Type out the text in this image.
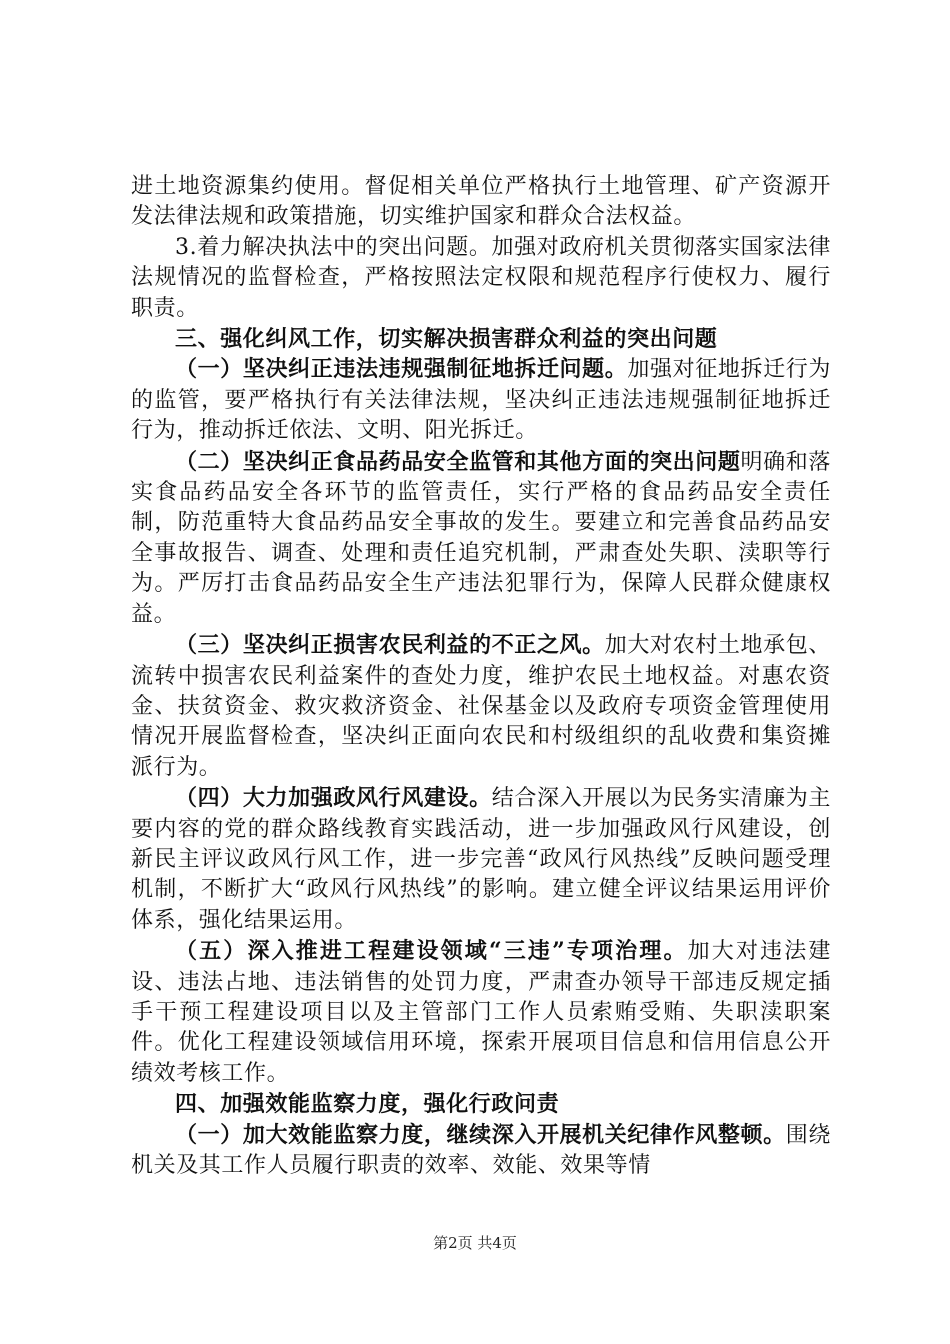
进土地资源集约使用。督促相关单位严格执行土地管理、矿产资源开发法律法规和政策措施，切实维护国家和群众合法权益。

3.着力解决执法中的突出问题。加强对政府机关贯彻落实国家法律法规情况的监督检查，严格按照法定权限和规范程序行使权力、履行职责。

三、强化纠风工作，切实解决损害群众利益的突出问题

（一）坚决纠正违法违规强制征地拆迁问题。加强对征地拆迁行为的监管，要严格执行有关法律法规，坚决纠正违法违规强制征地拆迁行为，推动拆迁依法、文明、阳光拆迁。

（二）坚决纠正食品药品安全监管和其他方面的突出问题明确和落实食品药品安全各环节的监管责任，实行严格的食品药品安全责任制，防范重特大食品药品安全事故的发生。要建立和完善食品药品安全事故报告、调查、处理和责任追究机制，严肃查处失职、渎职等行为。严厉打击食品药品安全生产违法犯罪行为，保障人民群众健康权益。

（三）坚决纠正损害农民利益的不正之风。加大对农村土地承包、流转中损害农民利益案件的查处力度，维护农民土地权益。对惠农资金、扶贫资金、救灾救济资金、社保基金以及政府专项资金管理使用情况开展监督检查，坚决纠正面向农民和村级组织的乱收费和集资摊派行为。

（四）大力加强政风行风建设。结合深入开展以为民务实清廉为主要内容的党的群众路线教育实践活动，进一步加强政风行风建设，创新民主评议政风行风工作，进一步完善“政风行风热线”反映问题受理机制，不断扩大“政风行风热线”的影响。建立健全评议结果运用评价体系，强化结果运用。

（五）深入推进工程建设领域“三违”专项治理。加大对违法建设、违法占地、违法销售的处罚力度，严肃查办领导干部违反规定插手干预工程建设项目以及主管部门工作人员索贿受贿、失职渎职案件。优化工程建设领域信用环境，探索开展项目信息和信用信息公开绩效考核工作。

四、加强效能监察力度，强化行政问责

（一）加大效能监察力度，继续深入开展机关纪律作风整顿。围绕机关及其工作人员履行职责的效率、效能、效果等情

第2页 共4页
